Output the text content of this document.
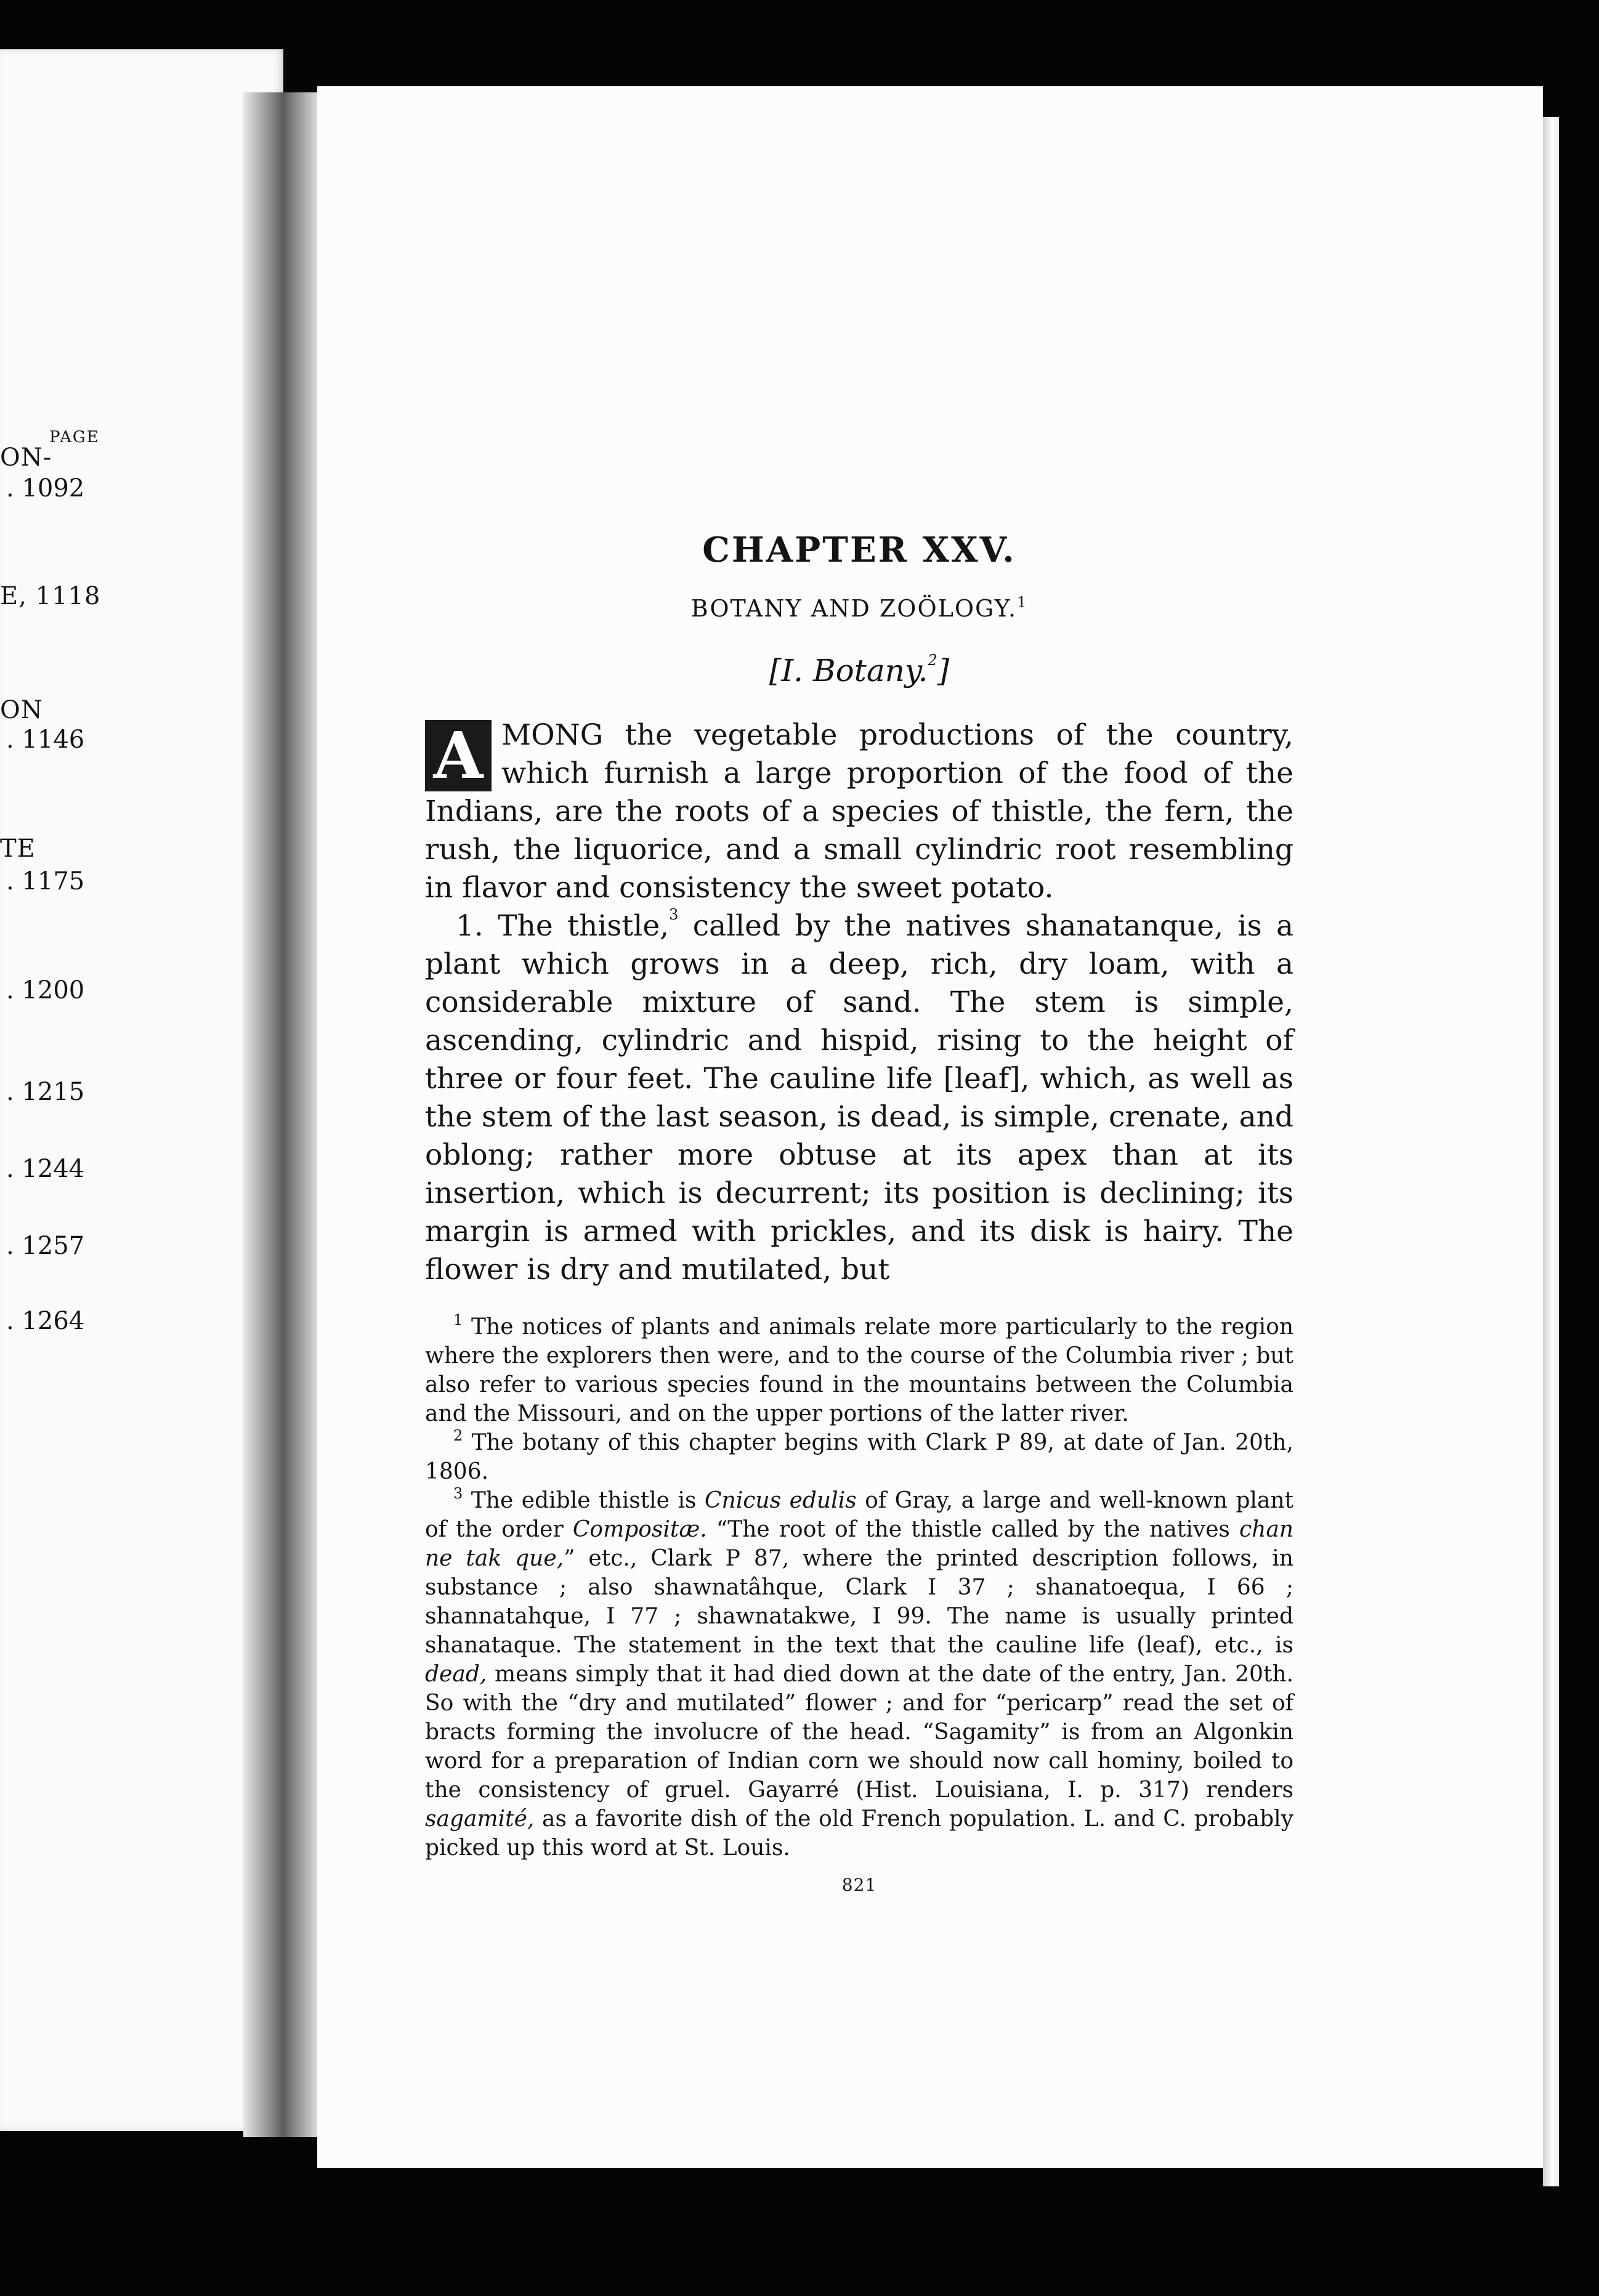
PAGE
ON-
. 1092
E, 1118
ON
. 1146
TE
. 1175
. 1200
. 1215
. 1244
. 1257
. 1264
CHAPTER XXV.
BOTANY AND ZOÖLOGY.$^1$
[I. Botany.$^2$]

A MONG the vegetable productions of the country, which furnish a large proportion of the food of the Indians, are the roots of a species of thistle, the fern, the rush, the liquorice, and a small cylindric root resembling in flavor and consistency the sweet potato.

1. The thistle,$^3$ called by the natives shanatanque, is a plant which grows in a deep, rich, dry loam, with a considerable mixture of sand. The stem is simple, ascending, cylindric and hispid, rising to the height of three or four feet. The cauline life [leaf], which, as well as the stem of the last season, is dead, is simple, crenate, and oblong; rather more obtuse at its apex than at its insertion, which is decurrent; its position is declining; its margin is armed with prickles, and its disk is hairy. The flower is dry and mutilated, but

$^1$ The notices of plants and animals relate more particularly to the region where the explorers then were, and to the course of the Columbia river ; but also refer to various species found in the mountains between the Columbia and the Missouri, and on the upper portions of the latter river.

$^2$ The botany of this chapter begins with Clark P 89, at date of Jan. 20th, 1806.

$^3$ The edible thistle is Cnicus edulis of Gray, a large and well-known plant of the order Compositæ. “The root of the thistle called by the natives chan ne tak que,” etc., Clark P 87, where the printed description follows, in substance ; also shawnatâhque, Clark I 37 ; shanatoequa, I 66 ; shannatahque, I 77 ; shawnatakwe, I 99. The name is usually printed shanataque. The statement in the text that the cauline life (leaf), etc., is dead, means simply that it had died down at the date of the entry, Jan. 20th. So with the “dry and mutilated” flower ; and for “pericarp” read the set of bracts forming the involucre of the head. “Sagamity” is from an Algonkin word for a preparation of Indian corn we should now call hominy, boiled to the consistency of gruel. Gayarré (Hist. Louisiana, I. p. 317) renders sagamité, as a favorite dish of the old French population. L. and C. probably picked up this word at St. Louis.

821
